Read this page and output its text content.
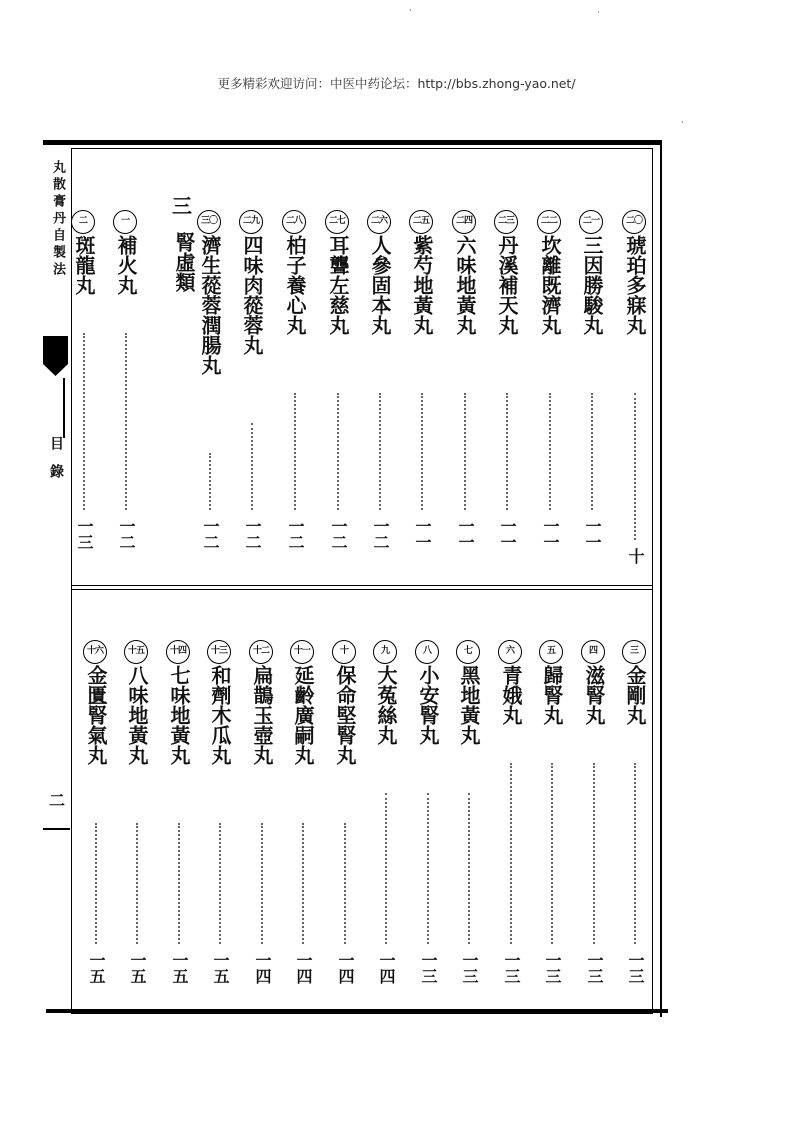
更多精彩欢迎访问：中医中药论坛：http://bbs.zhong-yao.net/
·	·
·
丸散膏丹自製法
目錄
二
三
腎虛類
二〇
琥珀多寐丸
十
二一
三因勝駿丸
一一
二二
坎離既濟丸
一一
二三
丹溪補天丸
一一
二四
六味地黃丸
一一
二五
紫芍地黃丸
一一
二六
人參固本丸
一二
二七
耳聾左慈丸
一二
二八
柏子養心丸
一二
二九
四味肉蓯蓉丸
一二
三〇
濟生蓯蓉潤腸丸
一二
一
補火丸
一二
二
斑龍丸
一三
三
金剛丸
一三
四
滋腎丸
一三
五
歸腎丸
一三
六
青娥丸
一三
七
黑地黃丸
一三
八
小安腎丸
一三
九
大菟絲丸
一四
十
保命堅腎丸
一四
十一
延齡廣嗣丸
一四
十二
扁鵲玉壺丸
一四
十三
和劑木瓜丸
一五
十四
七味地黃丸
一五
十五
八味地黃丸
一五
十六
金匱腎氣丸
一五
